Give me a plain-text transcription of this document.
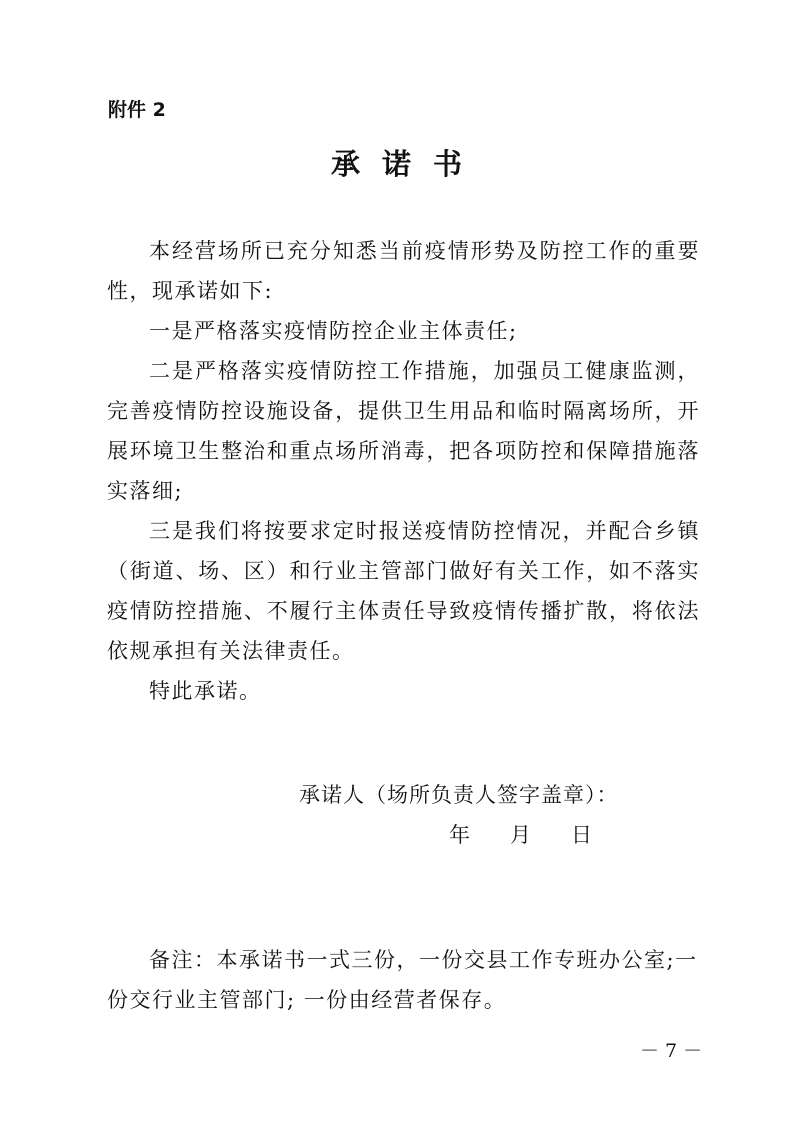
附件 2
承诺书

本经营场所已充分知悉当前疫情形势及防控工作的重要性，现承诺如下:

一是严格落实疫情防控企业主体责任;

二是严格落实疫情防控工作措施，加强员工健康监测，完善疫情防控设施设备，提供卫生用品和临时隔离场所，开展环境卫生整治和重点场所消毒，把各项防控和保障措施落实落细;

三是我们将按要求定时报送疫情防控情况，并配合乡镇（街道、场、区）和行业主管部门做好有关工作，如不落实疫情防控措施、不履行主体责任导致疫情传播扩散，将依法依规承担有关法律责任。

特此承诺。

承诺人（场所负责人签字盖章）：
年 月 日

备注：本承诺书一式三份，一份交县工作专班办公室;一份交行业主管部门; 一份由经营者保存。

－ 7 －
